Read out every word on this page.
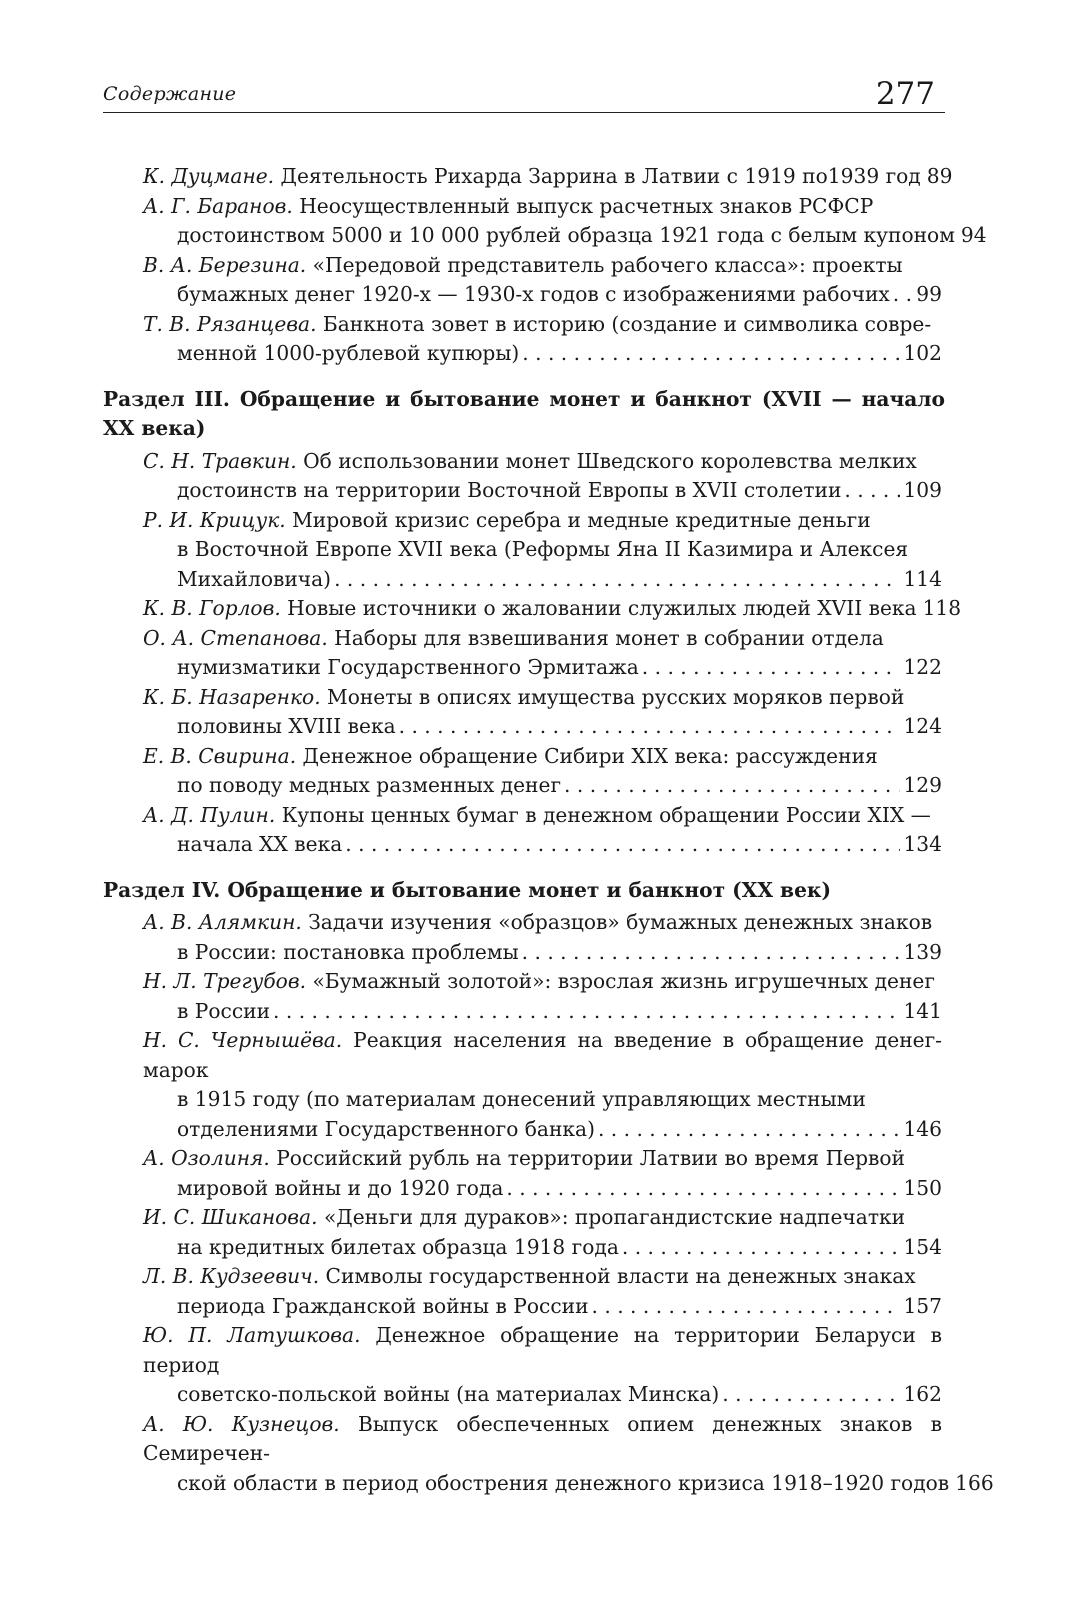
Содержание	277
К. Дуцмане. Деятельность Рихарда Заррина в Латвии с 1919 по1939 год 89
А. Г. Баранов. Неосуществленный выпуск расчетных знаков РСФСР
достоинством 5000 и 10 000 рублей образца 1921 года с белым купоном 94
В. А. Березина. «Передовой представитель рабочего класса»: проекты
бумажных денег 1920-х — 1930-х годов с изображениями рабочих . . . 99
Т. В. Рязанцева. Банкнота зовет в историю (создание и символика совре-
менной 1000-рублевой купюры) . . .	102
Раздел III. Обращение и бытование монет и банкнот (XVII — начало XX века)
С. Н. Травкин. Об использовании монет Шведского королевства мелких
достоинств на территории Восточной Европы в XVII столетии . . .	109
Р. И. Крицук. Мировой кризис серебра и медные кредитные деньги
в Восточной Европе XVII века (Реформы Яна II Казимира и Алексея
Михайловича) . . .	114
К. В. Горлов. Новые источники о жаловании служилых людей XVII века 118
О. А. Степанова. Наборы для взвешивания монет в собрании отдела
нумизматики Государственного Эрмитажа . . .	122
К. Б. Назаренко. Монеты в описях имущества русских моряков первой
половины XVIII века . . .	124
Е. В. Свирина. Денежное обращение Сибири XIX века: рассуждения
по поводу медных разменных денег . . .	129
А. Д. Пулин. Купоны ценных бумаг в денежном обращении России XIX —
начала XX века . . .	134
Раздел IV. Обращение и бытование монет и банкнот (XX век)
А. В. Алямкин. Задачи изучения «образцов» бумажных денежных знаков
в России: постановка проблемы . . .	139
Н. Л. Трегубов. «Бумажный золотой»: взрослая жизнь игрушечных денег
в России . . .	141
Н. С. Чернышёва. Реакция населения на введение в обращение денег-марок
в 1915 году (по материалам донесений управляющих местными
отделениями Государственного банка) . . .	146
А. Озолиня. Российский рубль на территории Латвии во время Первой
мировой войны и до 1920 года . . .	150
И. С. Шиканова. «Деньги для дураков»: пропагандистские надпечатки
на кредитных билетах образца 1918 года . . .	154
Л. В. Кудзеевич. Символы государственной власти на денежных знаках
периода Гражданской войны в России . . .	157
Ю. П. Латушкова. Денежное обращение на территории Беларуси в период
советско-польской войны (на материалах Минска) . . .	162
А. Ю. Кузнецов. Выпуск обеспеченных опием денежных знаков в Семиречен-
ской области в период обострения денежного кризиса 1918–1920 годов 166
